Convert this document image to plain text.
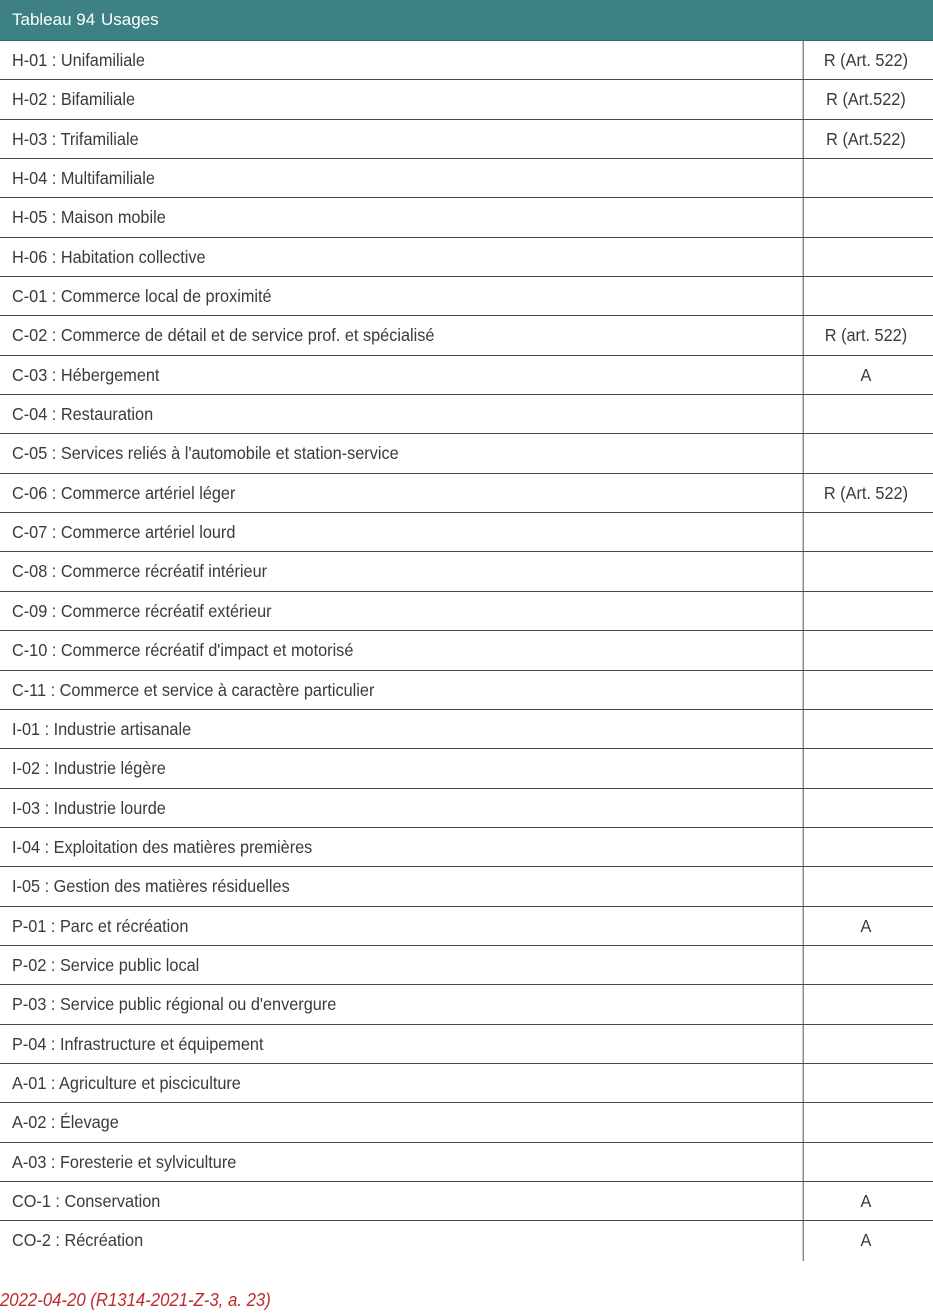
Tableau 94 Usages
H-01 : Unifamiliale	R (Art. 522)
H-02 : Bifamiliale	R (Art.522)
H-03 : Trifamiliale	R (Art.522)
H-04 : Multifamiliale
H-05 : Maison mobile
H-06 : Habitation collective
C-01 : Commerce local de proximité
C-02 : Commerce de détail et de service prof. et spécialisé	R (art. 522)
C-03 : Hébergement	A
C-04 : Restauration
C-05 : Services reliés à l'automobile et station-service
C-06 : Commerce artériel léger	R (Art. 522)
C-07 : Commerce artériel lourd
C-08 : Commerce récréatif intérieur
C-09 : Commerce récréatif extérieur
C-10 : Commerce récréatif d'impact et motorisé
C-11 : Commerce et service à caractère particulier
I-01 : Industrie artisanale
I-02 : Industrie légère
I-03 : Industrie lourde
I-04 : Exploitation des matières premières
I-05 : Gestion des matières résiduelles
P-01 : Parc et récréation	A
P-02 : Service public local
P-03 : Service public régional ou d'envergure
P-04 : Infrastructure et équipement
A-01 : Agriculture et pisciculture
A-02 : Élevage
A-03 : Foresterie et sylviculture
CO-1 : Conservation	A
CO-2 : Récréation	A
2022-04-20 (R1314-2021-Z-3, a. 23)
